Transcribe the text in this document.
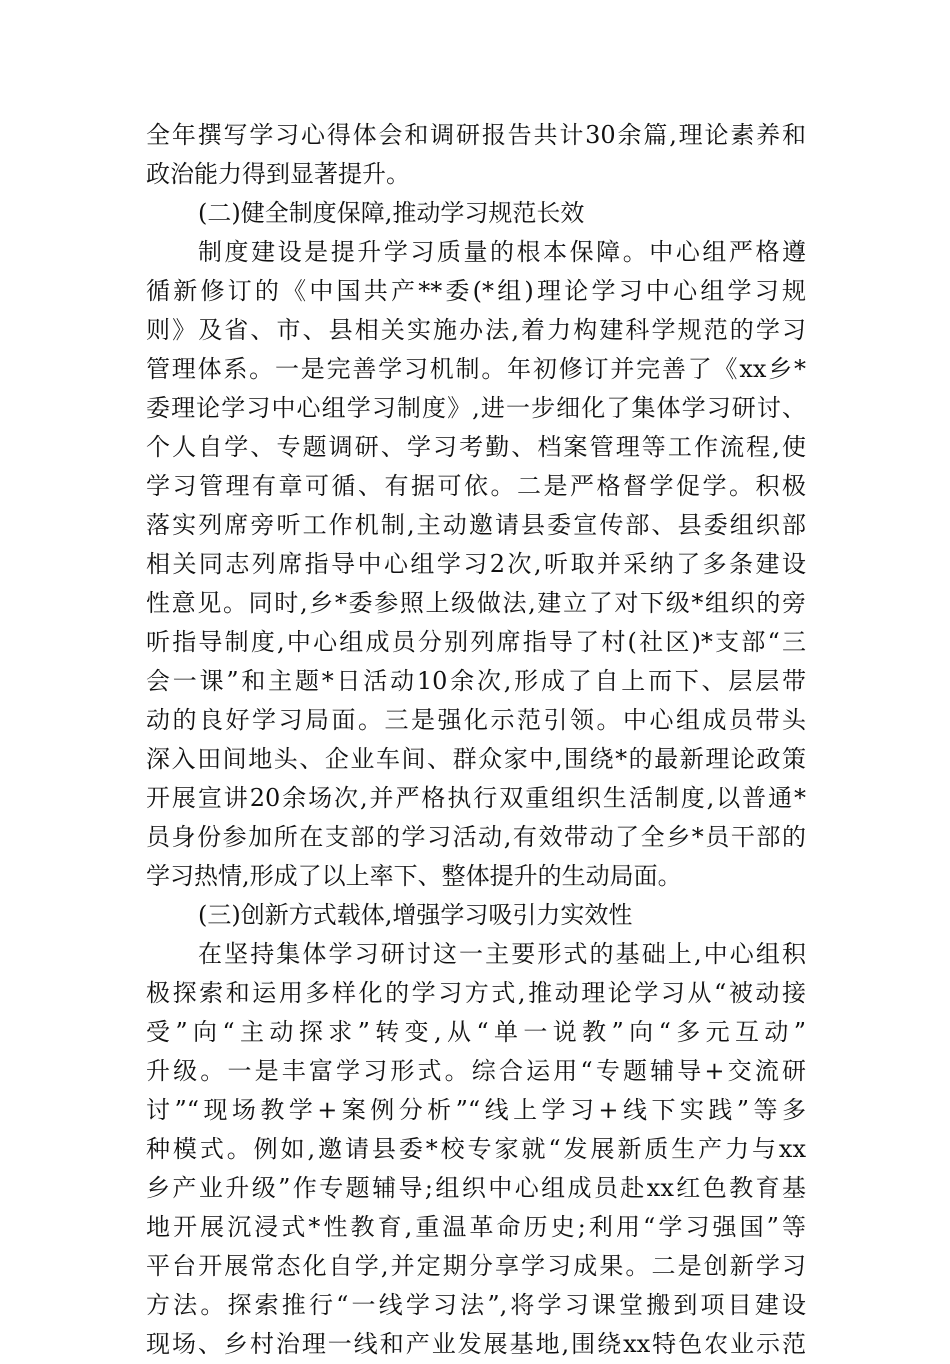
全年撰写学习心得体会和调研报告共计30余篇,理论素养和
政治能力得到显著提升。
(二)健全制度保障,推动学习规范长效
制度建设是提升学习质量的根本保障。中心组严格遵
循新修订的《中国共产**委(*组)理论学习中心组学习规
则》及省、市、县相关实施办法,着力构建科学规范的学习
管理体系。一是完善学习机制。年初修订并完善了《xx乡*
委理论学习中心组学习制度》,进一步细化了集体学习研讨、
个人自学、专题调研、学习考勤、档案管理等工作流程,使
学习管理有章可循、有据可依。二是严格督学促学。积极
落实列席旁听工作机制,主动邀请县委宣传部、县委组织部
相关同志列席指导中心组学习2次,听取并采纳了多条建设
性意见。同时,乡*委参照上级做法,建立了对下级*组织的旁
听指导制度,中心组成员分别列席指导了村(社区)*支部“三
会一课”和主题*日活动10余次,形成了自上而下、层层带
动的良好学习局面。三是强化示范引领。中心组成员带头
深入田间地头、企业车间、群众家中,围绕*的最新理论政策
开展宣讲20余场次,并严格执行双重组织生活制度,以普通*
员身份参加所在支部的学习活动,有效带动了全乡*员干部的
学习热情,形成了以上率下、整体提升的生动局面。
(三)创新方式载体,增强学习吸引力实效性
在坚持集体学习研讨这一主要形式的基础上,中心组积
极探索和运用多样化的学习方式,推动理论学习从“被动接
受”向“主动探求”转变,从“单一说教”向“多元互动”
升级。一是丰富学习形式。综合运用“专题辅导+交流研
讨”“现场教学+案例分析”“线上学习+线下实践”等多
种模式。例如,邀请县委*校专家就“发展新质生产力与xx
乡产业升级”作专题辅导;组织中心组成员赴xx红色教育基
地开展沉浸式*性教育,重温革命历史;利用“学习强国”等
平台开展常态化自学,并定期分享学习成果。二是创新学习
方法。探索推行“一线学习法”,将学习课堂搬到项目建设
现场、乡村治理一线和产业发展基地,围绕xx特色农业示范
